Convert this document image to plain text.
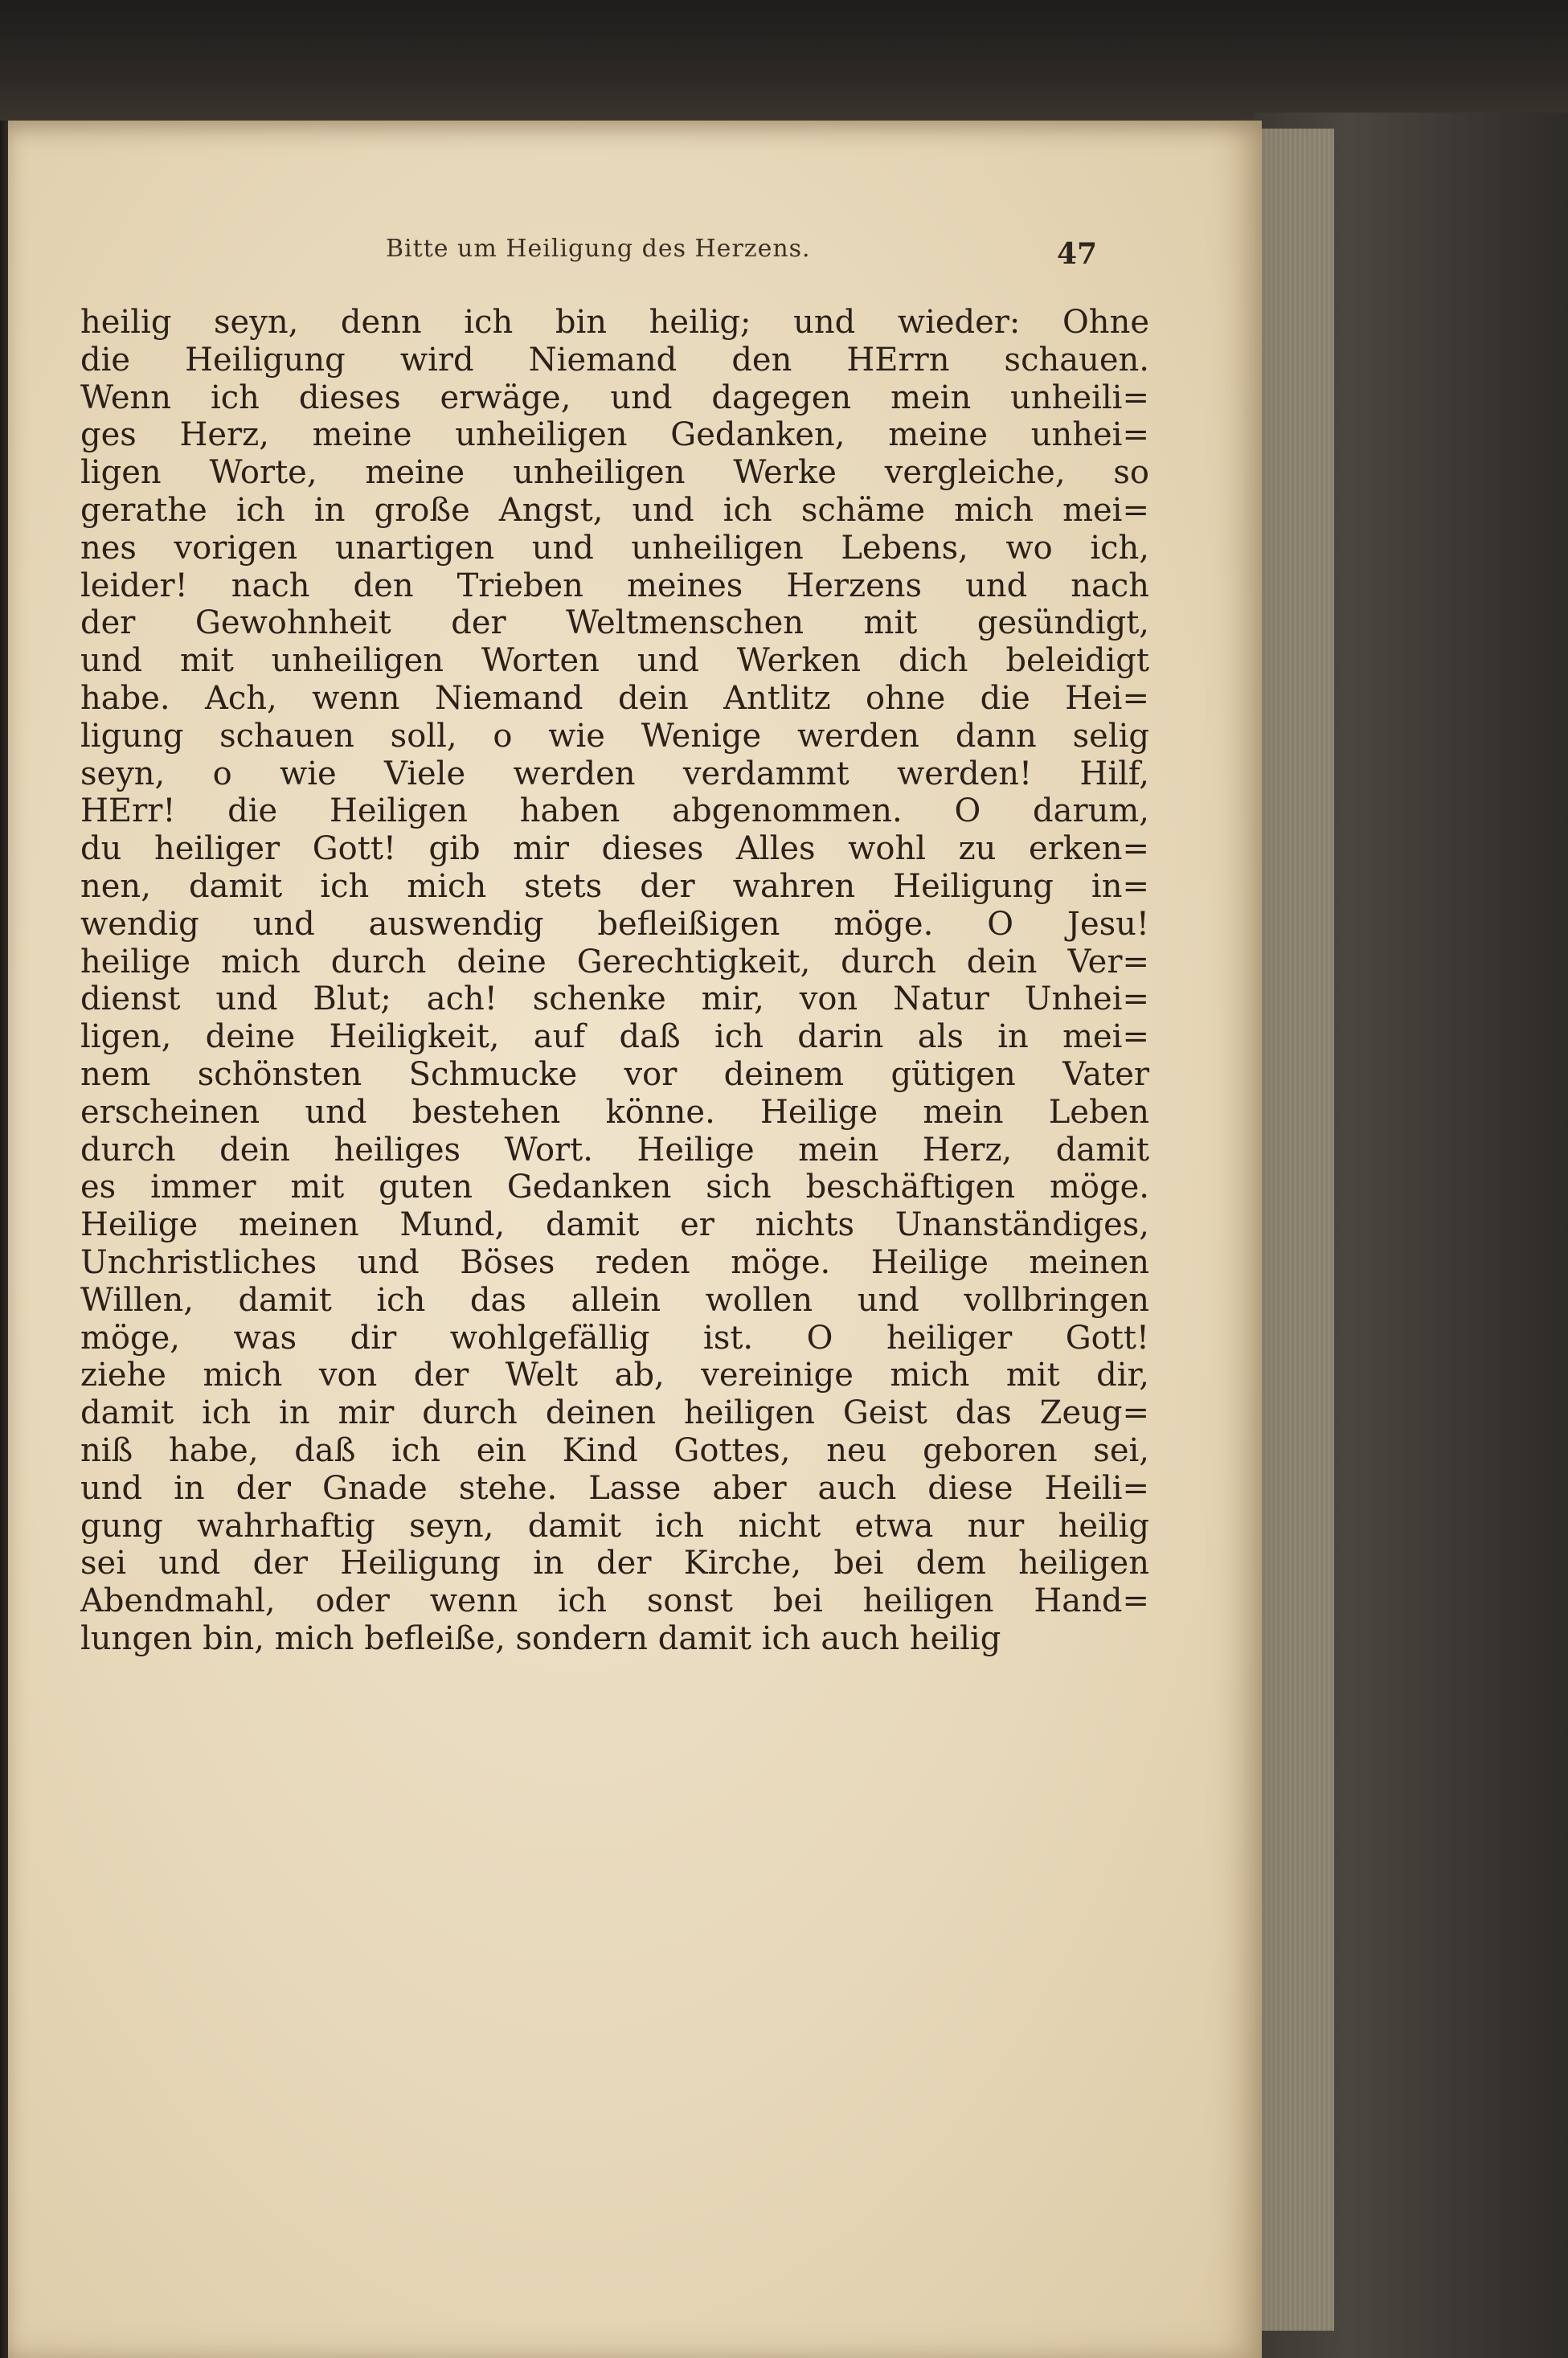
Bitte um Heiligung des Herzens.	47
heilig seyn, denn ich bin heilig; und wieder: Ohne
die Heiligung wird Niemand den HErrn schauen.
Wenn ich dieses erwäge, und dagegen mein unheili=
ges Herz, meine unheiligen Gedanken, meine unhei=
ligen Worte, meine unheiligen Werke vergleiche, so
gerathe ich in große Angst, und ich schäme mich mei=
nes vorigen unartigen und unheiligen Lebens, wo ich,
leider! nach den Trieben meines Herzens und nach
der Gewohnheit der Weltmenschen mit gesündigt,
und mit unheiligen Worten und Werken dich beleidigt
habe. Ach, wenn Niemand dein Antlitz ohne die Hei=
ligung schauen soll, o wie Wenige werden dann selig
seyn, o wie Viele werden verdammt werden! Hilf,
HErr! die Heiligen haben abgenommen. O darum,
du heiliger Gott! gib mir dieses Alles wohl zu erken=
nen, damit ich mich stets der wahren Heiligung in=
wendig und auswendig befleißigen möge. O Jesu!
heilige mich durch deine Gerechtigkeit, durch dein Ver=
dienst und Blut; ach! schenke mir, von Natur Unhei=
ligen, deine Heiligkeit, auf daß ich darin als in mei=
nem schönsten Schmucke vor deinem gütigen Vater
erscheinen und bestehen könne. Heilige mein Leben
durch dein heiliges Wort. Heilige mein Herz, damit
es immer mit guten Gedanken sich beschäftigen möge.
Heilige meinen Mund, damit er nichts Unanständiges,
Unchristliches und Böses reden möge. Heilige meinen
Willen, damit ich das allein wollen und vollbringen
möge, was dir wohlgefällig ist. O heiliger Gott!
ziehe mich von der Welt ab, vereinige mich mit dir,
damit ich in mir durch deinen heiligen Geist das Zeug=
niß habe, daß ich ein Kind Gottes, neu geboren sei,
und in der Gnade stehe. Lasse aber auch diese Heili=
gung wahrhaftig seyn, damit ich nicht etwa nur heilig
sei und der Heiligung in der Kirche, bei dem heiligen
Abendmahl, oder wenn ich sonst bei heiligen Hand=
lungen bin, mich befleiße, sondern damit ich auch heilig
